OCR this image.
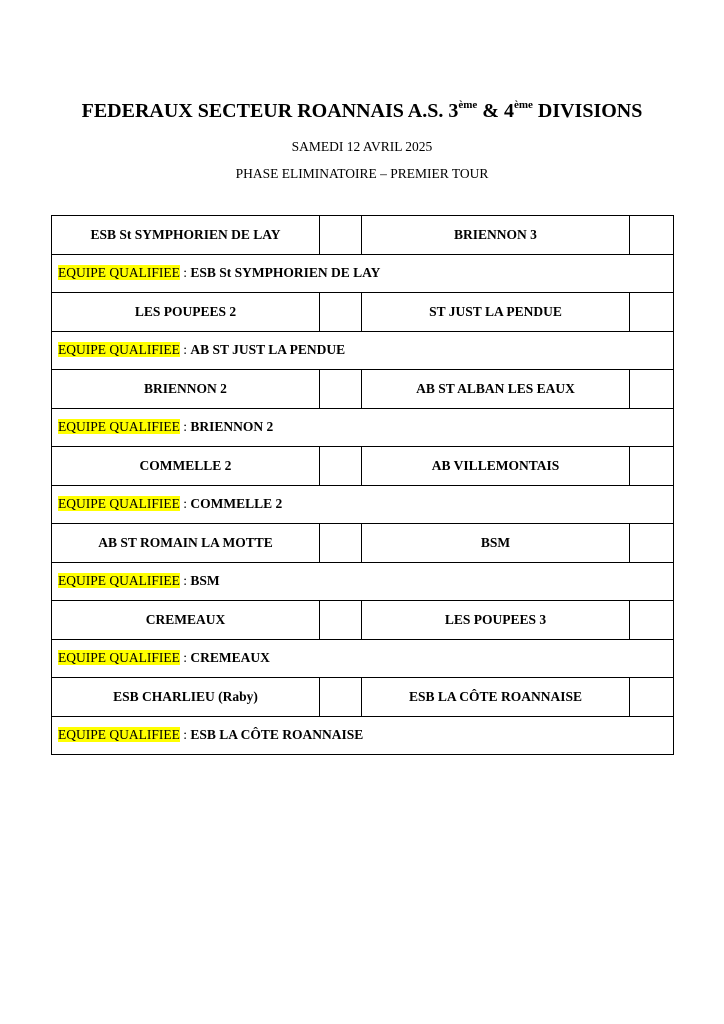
FEDERAUX SECTEUR ROANNAIS A.S. 3ème & 4ème DIVISIONS
SAMEDI 12 AVRIL 2025
PHASE ELIMINATOIRE – PREMIER TOUR
ESB St SYMPHORIEN DE LAY		BRIENNON 3	
EQUIPE QUALIFIEE : ESB St SYMPHORIEN DE LAY			
LES POUPEES 2		ST JUST LA PENDUE	
EQUIPE QUALIFIEE : AB ST JUST LA PENDUE			
BRIENNON 2		AB ST ALBAN LES EAUX	
EQUIPE QUALIFIEE : BRIENNON 2			
COMMELLE 2		AB VILLEMONTAIS	
EQUIPE QUALIFIEE : COMMELLE 2			
AB ST ROMAIN LA MOTTE		BSM	
EQUIPE QUALIFIEE : BSM			
CREMEAUX		LES POUPEES 3	
EQUIPE QUALIFIEE : CREMEAUX			
ESB CHARLIEU (Raby)		ESB LA CÔTE ROANNAISE	
EQUIPE QUALIFIEE : ESB LA CÔTE ROANNAISE			
